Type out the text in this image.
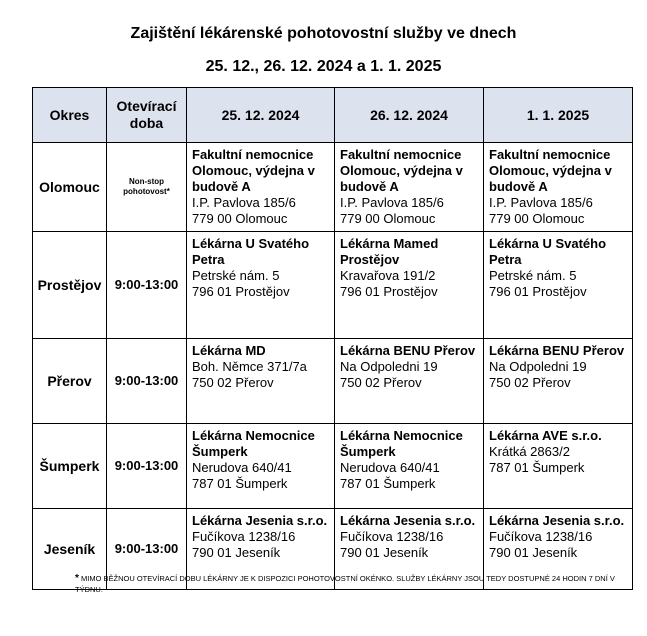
Zajištění lékárenské pohotovostní služby ve dnech
25. 12., 26. 12. 2024 a 1. 1. 2025
Okres	Otevírací doba	25. 12. 2024	26. 12. 2024	1. 1. 2025
Olomouc	Non-stop pohotovost*	Fakultní nemocnice Olomouc, výdejna v budově A
I.P. Pavlova 185/6
779 00 Olomouc	Fakultní nemocnice Olomouc, výdejna v budově A
I.P. Pavlova 185/6
779 00 Olomouc	Fakultní nemocnice Olomouc, výdejna v budově A
I.P. Pavlova 185/6
779 00 Olomouc

Prostějov	9:00-13:00	Lékárna U Svatého Petra
Petrské nám. 5
796 01 Prostějov	Lékárna Mamed Prostějov
Kravařova 191/2
796 01 Prostějov	Lékárna U Svatého Petra
Petrské nám. 5
796 01 Prostějov

Přerov	9:00-13:00	Lékárna MD
Boh. Němce 371/7a
750 02 Přerov	Lékárna BENU Přerov
Na Odpoledni 19
750 02 Přerov	Lékárna BENU Přerov
Na Odpoledni 19
750 02 Přerov

Šumperk	9:00-13:00	Lékárna Nemocnice Šumperk
Nerudova 640/41
787 01 Šumperk	Lékárna Nemocnice Šumperk
Nerudova 640/41
787 01 Šumperk	Lékárna AVE s.r.o.
Krátká 2863/2
787 01 Šumperk

Jeseník	9:00-13:00	Lékárna Jesenia s.r.o.
Fučíkova 1238/16
790 01 Jeseník	Lékárna Jesenia s.r.o.
Fučíkova 1238/16
790 01 Jeseník	Lékárna Jesenia s.r.o.
Fučíkova 1238/16
790 01 Jeseník
* MIMO BĚŽNOU OTEVÍRACÍ DOBU LÉKÁRNY JE K DISPOZICI POHOTOVOSTNÍ OKÉNKO. SLUŽBY LÉKÁRNY JSOU TEDY DOSTUPNÉ 24 HODIN 7 DNÍ V TÝDNU.
